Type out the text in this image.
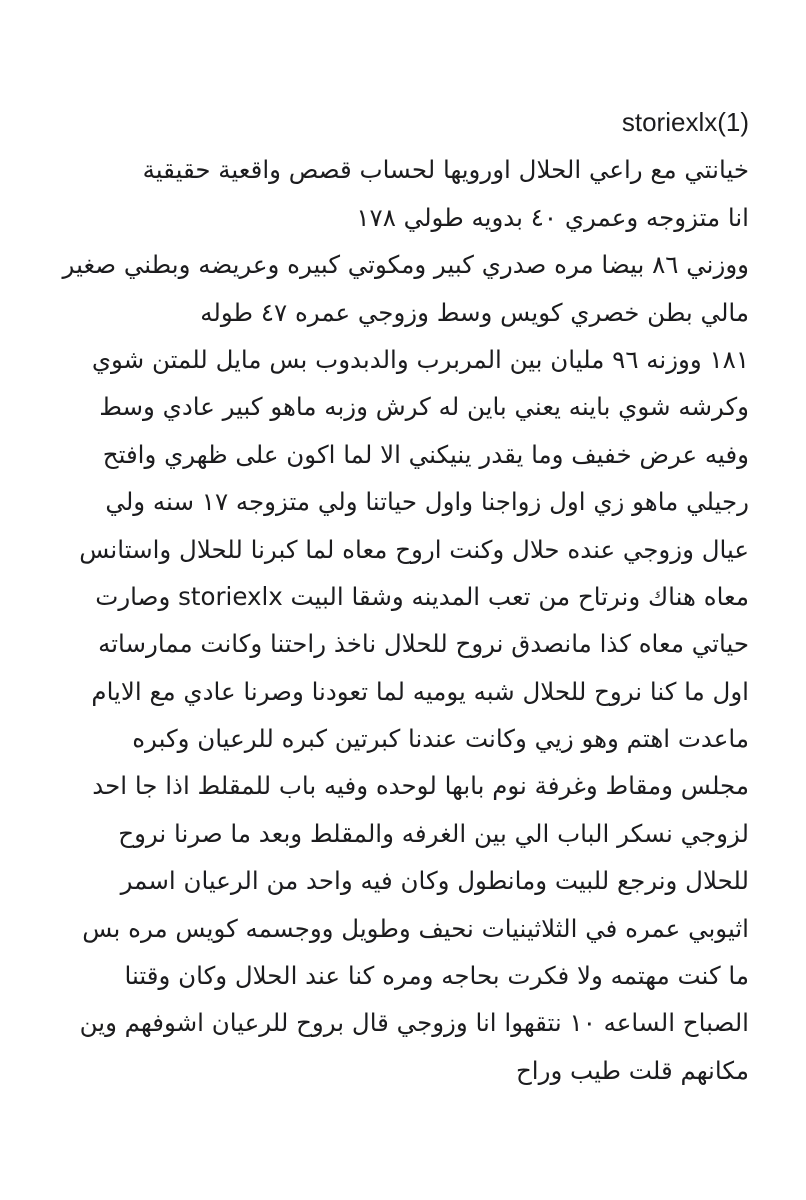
storiexlx(1)
خيانتي مع راعي الحلال اورويها لحساب قصص واقعية حقيقية
انا متزوجه وعمري ٤٠ بدويه طولي ١٧٨
ووزني ٨٦ بيضا مره صدري كبير ومكوتي كبيره وعريضه وبطني صغير
مالي بطن خصري كويس وسط وزوجي عمره ٤٧ طوله
١٨١ ووزنه ٩٦ مليان بين المربرب والدبدوب بس مايل للمتن شوي
وكرشه شوي باينه يعني باين له كرش وزبه ماهو كبير عادي وسط
وفيه عرض خفيف وما يقدر ينيكني الا لما اكون على ظهري وافتح
رجيلي ماهو زي اول زواجنا واول حياتنا ولي متزوجه ١٧ سنه ولي
عيال وزوجي عنده حلال وكنت اروح معاه لما كبرنا للحلال واستانس
معاه هناك ونرتاح من تعب المدينه وشقا البيت storiexlx وصارت
حياتي معاه كذا مانصدق نروح للحلال ناخذ راحتنا وكانت ممارساته
اول ما كنا نروح للحلال شبه يوميه لما تعودنا وصرنا عادي مع الايام
ماعدت اهتم وهو زيي وكانت عندنا كبرتين كبره للرعيان وكبره
مجلس ومقاط وغرفة نوم بابها لوحده وفيه باب للمقلط اذا جا احد
لزوجي نسكر الباب الي بين الغرفه والمقلط وبعد ما صرنا نروح
للحلال ونرجع للبيت ومانطول وكان فيه واحد من الرعيان اسمر
اثيوبي عمره في الثلاثينيات نحيف وطويل ووجسمه كويس مره بس
ما كنت مهتمه ولا فكرت بحاجه ومره كنا عند الحلال وكان وقتنا
الصباح الساعه ١٠ نتقهوا انا وزوجي قال بروح للرعيان اشوفهم وين
مكانهم قلت طيب وراح
